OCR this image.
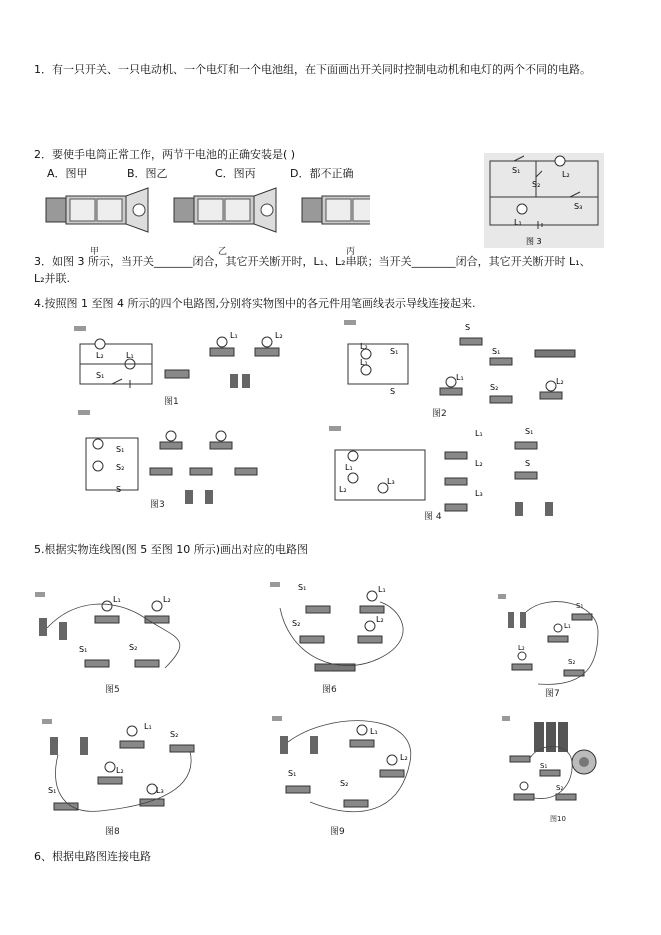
1．有一只开关、一只电动机、一个电灯和一个电池组，在下面画出开关同时控制电动机和电灯的两个不同的电路。
2．要使手电筒正常工作，两节干电池的正确安装是( )
A．图甲	B．图乙	C．图丙	D．都不正确
甲	乙	丙
S₁
S₂
L₂
L₁
S₃
图 3
3．如图 3 所示，当开关_______闭合，其它开关断开时，L₁、L₂串联；当开关________闭合，其它开关断开时 L₁、
L₂并联.
4.按照图 1 至图 4 所示的四个电路图,分别将实物图中的各元件用笔画线表示导线连接起来.
L₂	L₁
S₁
L₁	L₂
图1
L₂
L₁
S₁
S
S
S₁
L₁
S₂
L₂
图2
S₁
S₂
S
图3
L₁
L₂
L₃
L₁
L₂
L₃
S₁
S
图 4
5.根据实物连线图(图 5 至图 10 所示)画出对应的电路图
L₁	L₂
S₁	S₂
图5
S₁	L₁
S₂	L₂
图6
S₁
L₁
L₂
S₂
图7
L₁
S₂
L₂
S₁	L₃
图8
L₁
L₂
S₁
S₂
图9
S₁
S₂
图10
6、根据电路图连接电路
